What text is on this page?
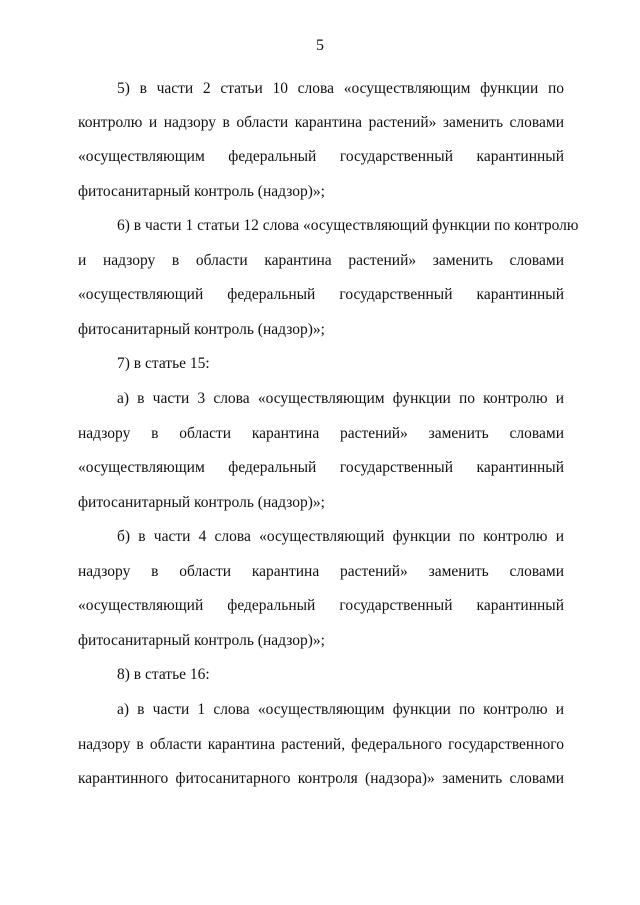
5
5) в части 2 статьи 10 слова «осуществляющим функции по
контролю и надзору в области карантина растений» заменить словами
«осуществляющим федеральный государственный карантинный
фитосанитарный контроль (надзор)»;
6) в части 1 статьи 12 слова «осуществляющий функции по контролю
и надзору в области карантина растений» заменить словами
«осуществляющий федеральный государственный карантинный
фитосанитарный контроль (надзор)»;
7) в статье 15:
а) в части 3 слова «осуществляющим функции по контролю и
надзору в области карантина растений» заменить словами
«осуществляющим федеральный государственный карантинный
фитосанитарный контроль (надзор)»;
б) в части 4 слова «осуществляющий функции по контролю и
надзору в области карантина растений» заменить словами
«осуществляющий федеральный государственный карантинный
фитосанитарный контроль (надзор)»;
8) в статье 16:
а) в части 1 слова «осуществляющим функции по контролю и
надзору в области карантина растений, федерального государственного
карантинного фитосанитарного контроля (надзора)» заменить словами
